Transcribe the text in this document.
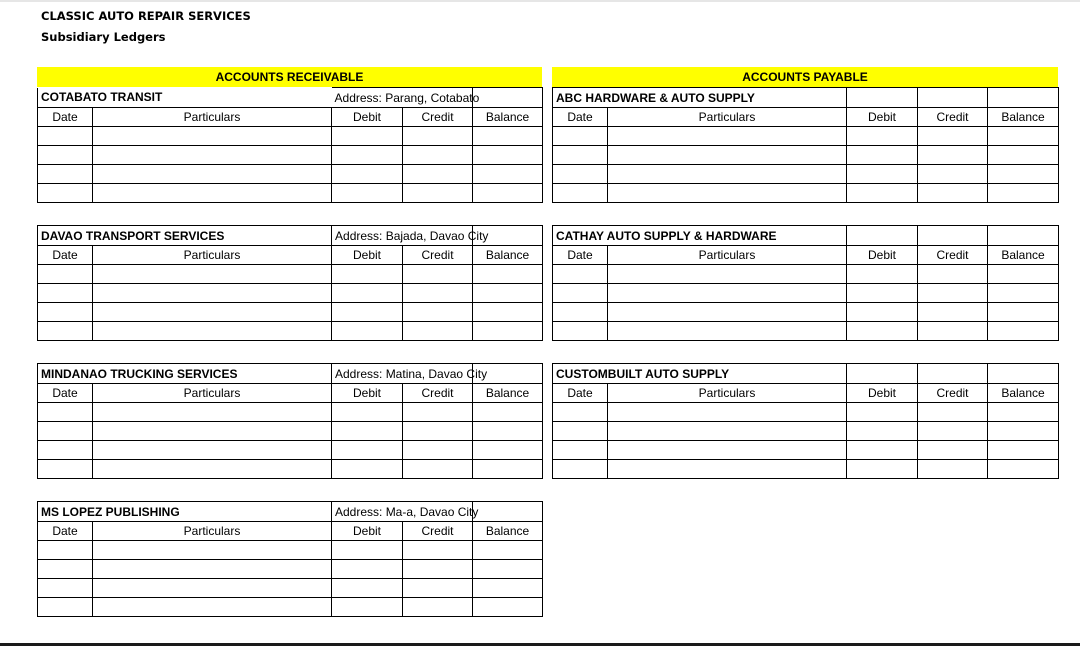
CLASSIC AUTO REPAIR SERVICES
Subsidiary Ledgers
ACCOUNTS RECEIVABLE	ACCOUNTS PAYABLE
COTABATO TRANSIT		Address: Parang, Cotabato		
Date	Particulars	Debit	Credit	Balance

DAVAO TRANSPORT SERVICES		Address: Bajada, Davao City		
Date	Particulars	Debit	Credit	Balance

MINDANAO TRUCKING SERVICES		Address: Matina, Davao City		
Date	Particulars	Debit	Credit	Balance

MS LOPEZ PUBLISHING		Address: Ma-a, Davao City		
Date	Particulars	Debit	Credit	Balance

ABC HARDWARE & AUTO SUPPLY				
Date	Particulars	Debit	Credit	Balance

CATHAY AUTO SUPPLY & HARDWARE				
Date	Particulars	Debit	Credit	Balance

CUSTOMBUILT AUTO SUPPLY				
Date	Particulars	Debit	Credit	Balance
